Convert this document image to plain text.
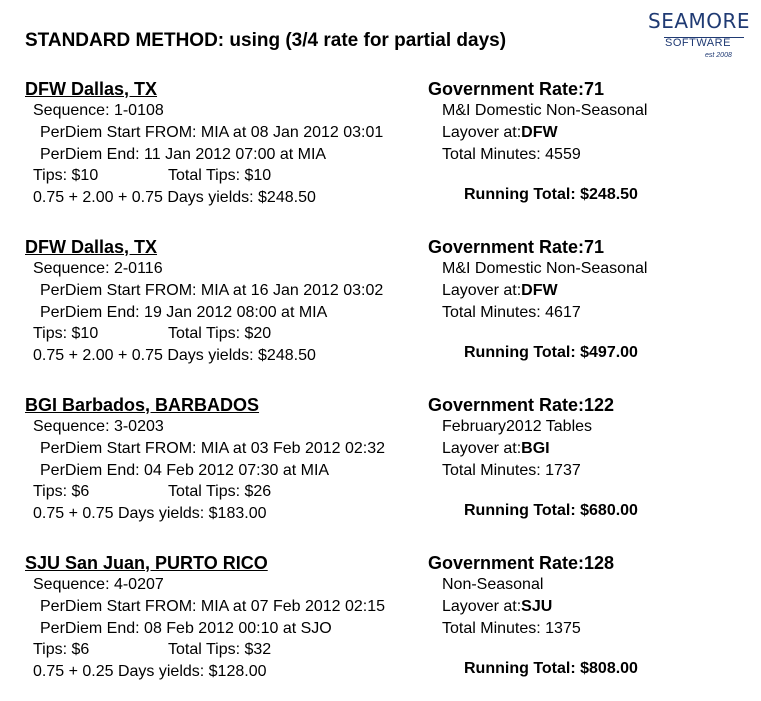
STANDARD METHOD: using (3/4 rate for partial days)
SEAMORE
SOFTWARE
est 2008
DFW Dallas, TX
Sequence: 1-0108
PerDiem Start FROM: MIA at 08 Jan 2012 03:01
PerDiem End: 11 Jan 2012 07:00 at MIA
Tips: $10	Total Tips: $10
0.75 + 2.00 + 0.75 Days yields: $248.50
Government Rate:71
M&I Domestic Non-Seasonal
Layover at:DFW
Total Minutes: 4559
Running Total: $248.50
DFW Dallas, TX
Sequence: 2-0116
PerDiem Start FROM: MIA at 16 Jan 2012 03:02
PerDiem End: 19 Jan 2012 08:00 at MIA
Tips: $10	Total Tips: $20
0.75 + 2.00 + 0.75 Days yields: $248.50
Government Rate:71
M&I Domestic Non-Seasonal
Layover at:DFW
Total Minutes: 4617
Running Total: $497.00
BGI Barbados, BARBADOS
Sequence: 3-0203
PerDiem Start FROM: MIA at 03 Feb 2012 02:32
PerDiem End: 04 Feb 2012 07:30 at MIA
Tips: $6	Total Tips: $26
0.75 + 0.75 Days yields: $183.00
Government Rate:122
February2012 Tables
Layover at:BGI
Total Minutes: 1737
Running Total: $680.00
SJU San Juan, PURTO RICO
Sequence: 4-0207
PerDiem Start FROM: MIA at 07 Feb 2012 02:15
PerDiem End: 08 Feb 2012 00:10 at SJO
Tips: $6	Total Tips: $32
0.75 + 0.25 Days yields: $128.00
Government Rate:128
Non-Seasonal
Layover at:SJU
Total Minutes: 1375
Running Total: $808.00
